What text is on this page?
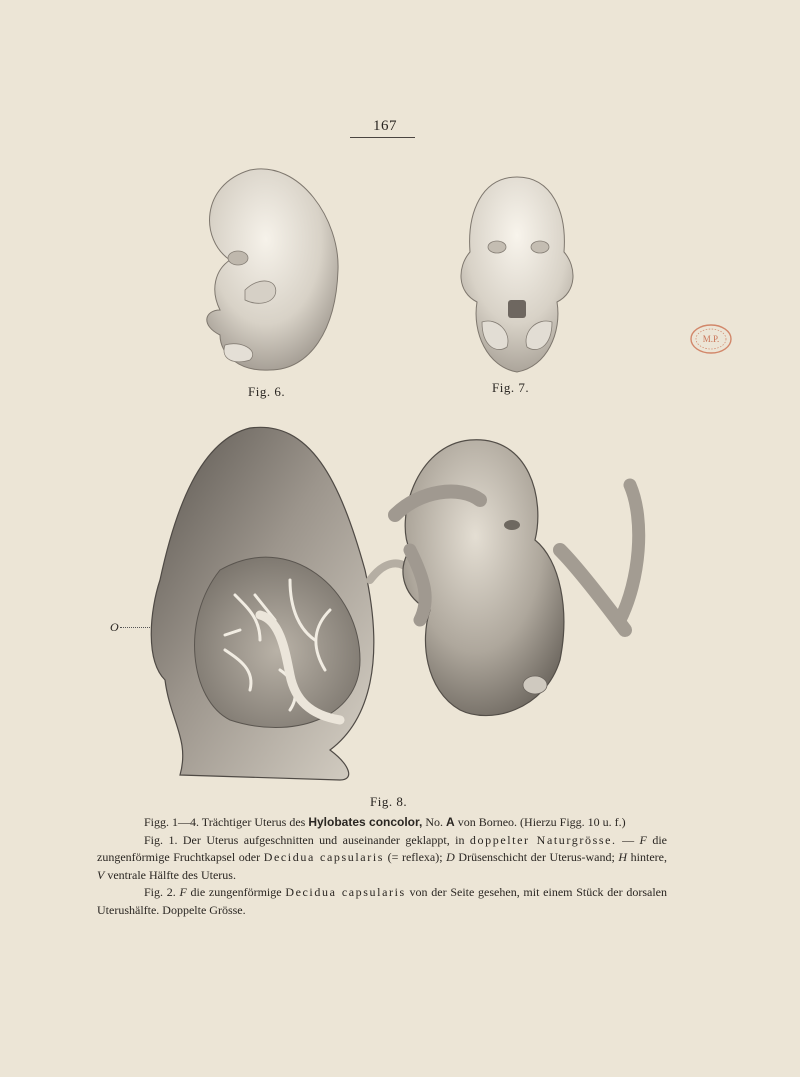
167
Fig. 6.	Fig. 7.
M.P.
O
Fig. 8.

Figg. 1—4. Trächtiger Uterus des Hylobates concolor, No. A von Borneo. (Hierzu Figg. 10 u. f.)

Fig. 1. Der Uterus aufgeschnitten und auseinander geklappt, in doppelter Naturgrösse. — F die zungenförmige Fruchtkapsel oder Decidua capsularis (= reflexa); D Drüsenschicht der Uterus-wand; H hintere, V ventrale Hälfte des Uterus.

Fig. 2. F die zungenförmige Decidua capsularis von der Seite gesehen, mit einem Stück der dorsalen Uterushälfte. Doppelte Grösse.
